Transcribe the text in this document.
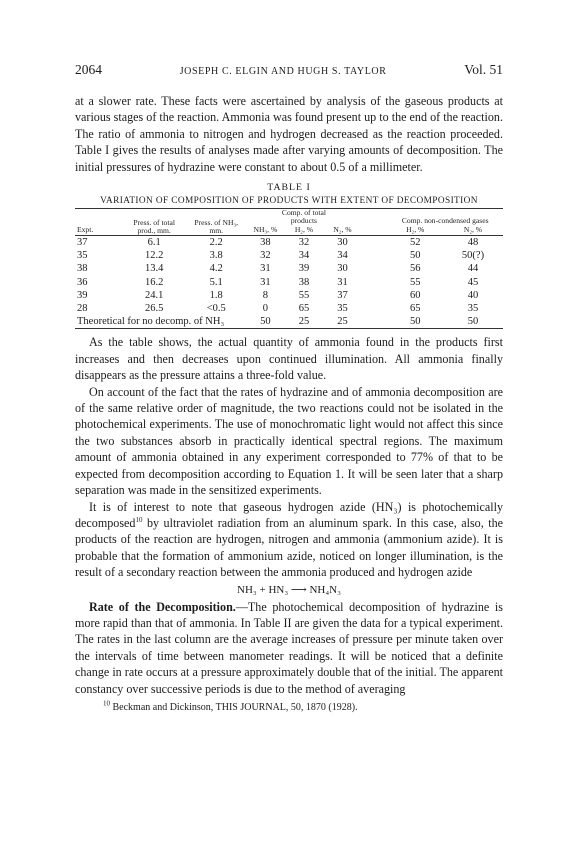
2064	JOSEPH C. ELGIN AND HUGH S. TAYLOR	Vol. 51

at a slower rate. These facts were ascertained by analysis of the gaseous products at various stages of the reaction. Ammonia was found present up to the end of the reaction. The ratio of ammonia to nitrogen and hydrogen decreased as the reaction proceeded. Table I gives the results of analyses made after varying amounts of decomposition. The initial pressures of hydrazine were constant to about 0.5 of a millimeter.

TABLE I
VARIATION OF COMPOSITION OF PRODUCTS WITH EXTENT OF DECOMPOSITION
Expt.	Press. of total prod., mm.	Press. of NH₃, mm.	Comp. of total products				Comp. non-condensed gases	
			NH₃, %	H₂, %	N₂, %		H₂, %	N₂, %
37	6.1	2.2	38	32	30		52	48
35	12.2	3.8	32	34	34		50	50(?)
38	13.4	4.2	31	39	30		56	44
36	16.2	5.1	31	38	31		55	45
39	24.1	1.8	8	55	37		60	40
28	26.5	<0.5	0	65	35		65	35
Theoretical for no decomp. of NH₃			50	25	25		50	50

As the table shows, the actual quantity of ammonia found in the products first increases and then decreases upon continued illumination. All ammonia finally disappears as the pressure attains a three-fold value.

On account of the fact that the rates of hydrazine and of ammonia decomposition are of the same relative order of magnitude, the two reactions could not be isolated in the photochemical experiments. The use of monochromatic light would not affect this since the two substances absorb in practically identical spectral regions. The maximum amount of ammonia obtained in any experiment corresponded to 77% of that to be expected from decomposition according to Equation 1. It will be seen later that a sharp separation was made in the sensitized experiments.

It is of interest to note that gaseous hydrogen azide (HN₃) is photochemically decomposed$^{10}$ by ultraviolet radiation from an aluminum spark. In this case, also, the products of the reaction are hydrogen, nitrogen and ammonia (ammonium azide). It is probable that the formation of ammonium azide, noticed on longer illumination, is the result of a secondary reaction between the ammonia produced and hydrogen azide

NH₃ + HN₃ ⟶ NH₄N₃

Rate of the Decomposition.—The photochemical decomposition of hydrazine is more rapid than that of ammonia. In Table II are given the data for a typical experiment. The rates in the last column are the average increases of pressure per minute taken over the intervals of time between manometer readings. It will be noticed that a definite change in rate occurs at a pressure approximately double that of the initial. The apparent constancy over successive periods is due to the method of averaging

$^{10}$ Beckman and Dickinson, THIS JOURNAL, 50, 1870 (1928).
